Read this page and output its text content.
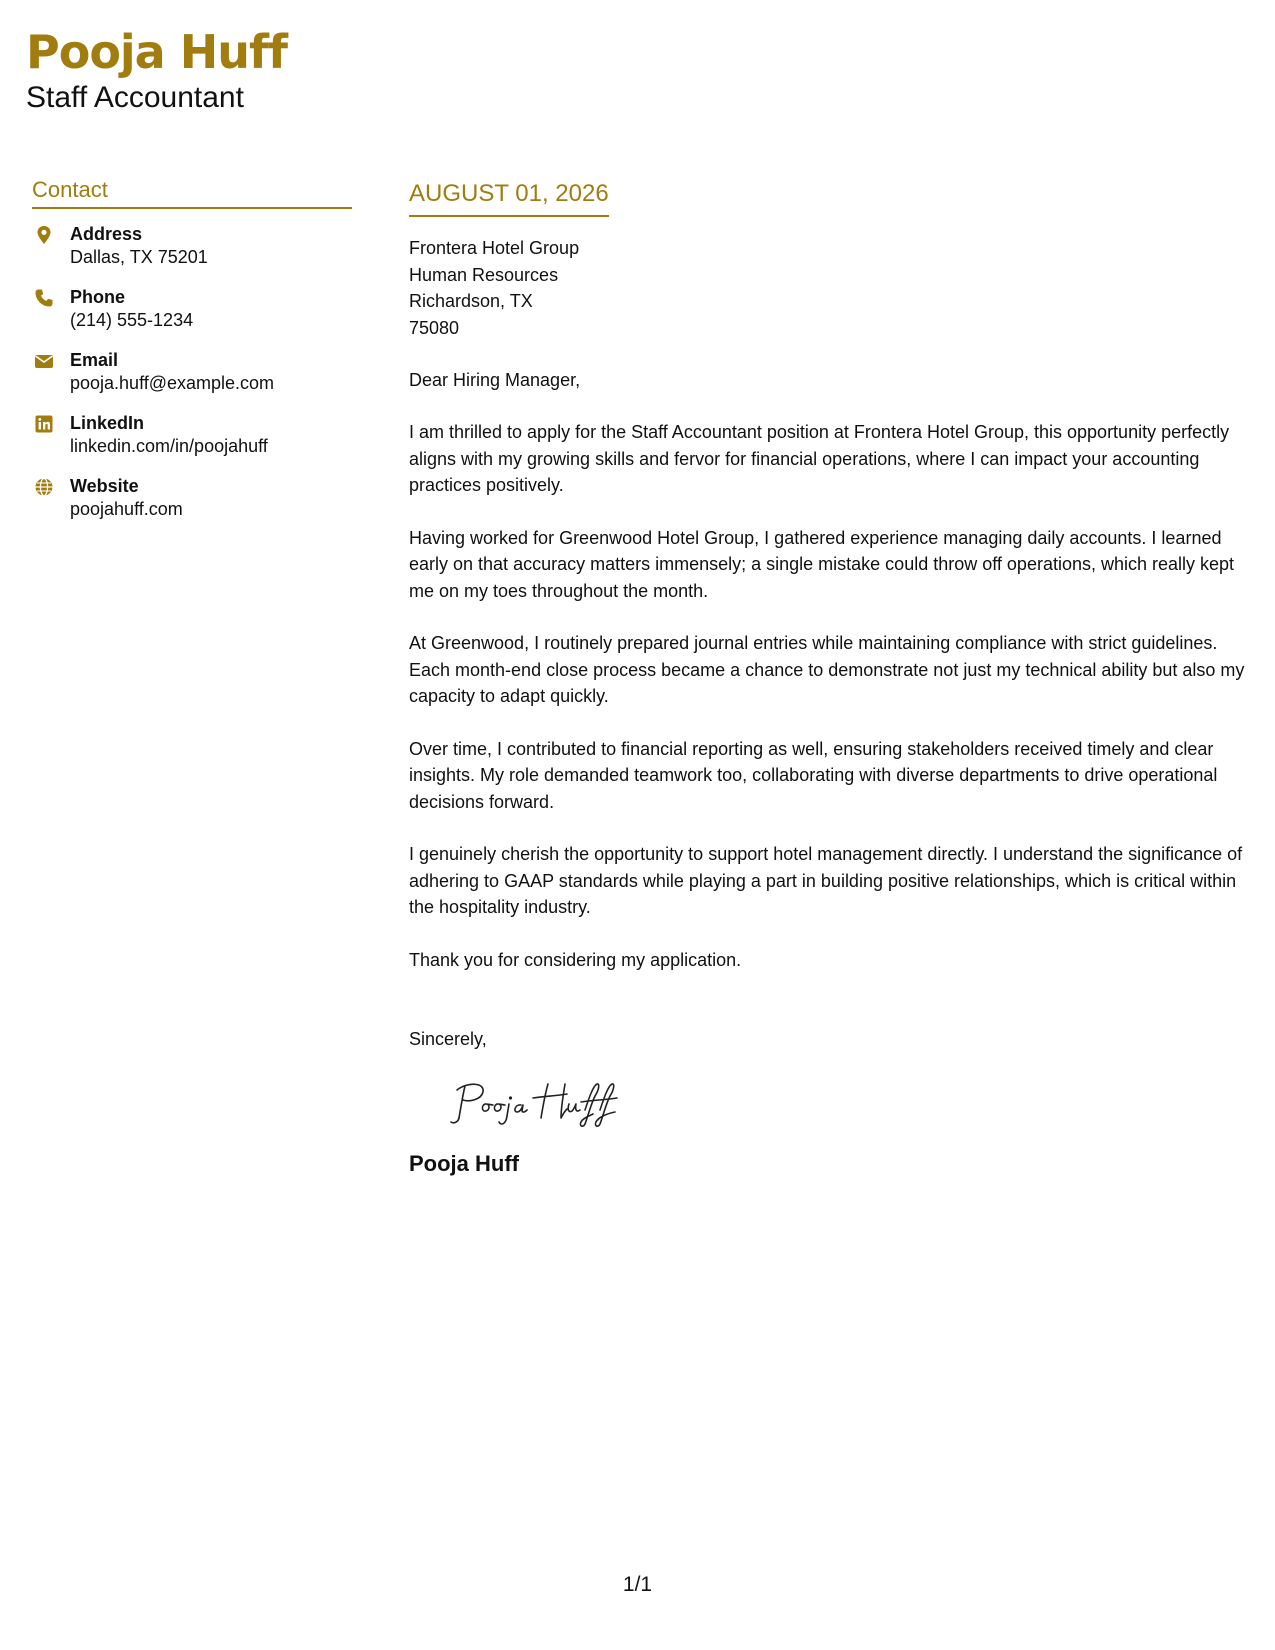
Pooja Huff

Staff Accountant

Contact
Address
Dallas, TX 75201
Phone
(214) 555-1234
Email
pooja.huff@example.com
LinkedIn
linkedin.com/in/poojahuff
Website
poojahuff.com
AUGUST 01, 2026
Frontera Hotel Group
Human Resources
Richardson, TX
75080
Dear Hiring Manager,
I am thrilled to apply for the Staff Accountant position at Frontera Hotel Group, this opportunity perfectly aligns with my growing skills and fervor for financial operations, where I can impact your accounting practices positively.
Having worked for Greenwood Hotel Group, I gathered experience managing daily accounts. I learned early on that accuracy matters immensely; a single mistake could throw off operations, which really kept me on my toes throughout the month.
At Greenwood, I routinely prepared journal entries while maintaining compliance with strict guidelines. Each month-end close process became a chance to demonstrate not just my technical ability but also my capacity to adapt quickly.
Over time, I contributed to financial reporting as well, ensuring stakeholders received timely and clear insights. My role demanded teamwork too, collaborating with diverse departments to drive operational decisions forward.
I genuinely cherish the opportunity to support hotel management directly. I understand the significance of adhering to GAAP standards while playing a part in building positive relationships, which is critical within the hospitality industry.
Thank you for considering my application.
Sincerely,
Pooja Huff
1/1
